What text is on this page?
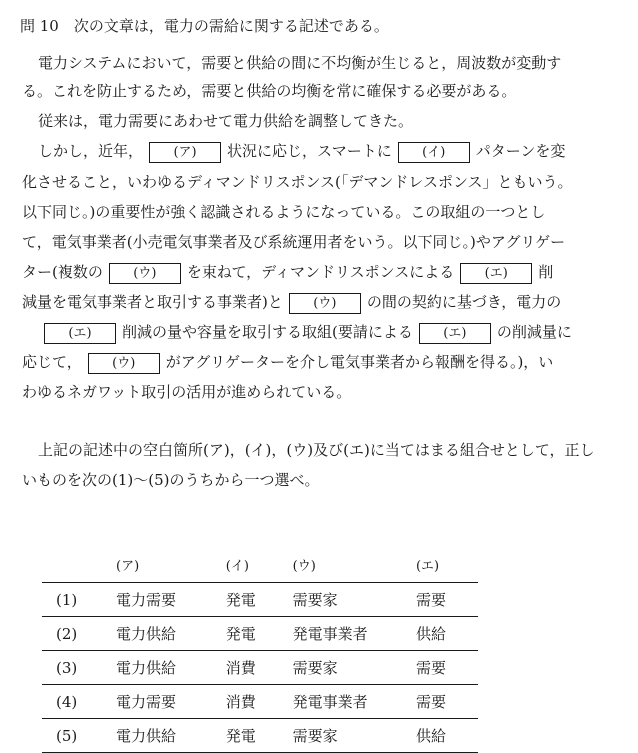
問 10　次の文章は，電力の需給に関する記述である。
電力システムにおいて，需要と供給の間に不均衡が生じると，周波数が変動す
る。これを防止するため，需要と供給の均衡を常に確保する必要がある。
従来は，電力需要にあわせて電力供給を調整してきた。
しかし，近年， (ア) 状況に応じ，スマートに (イ) パターンを変
化させること，いわゆるディマンドリスポンス(「デマンドレスポンス」ともいう。
以下同じ。)の重要性が強く認識されるようになっている。この取組の一つとし
て，電気事業者(小売電気事業者及び系統運用者をいう。以下同じ。)やアグリゲー
ター(複数の (ウ) を束ねて，ディマンドリスポンスによる (エ) 削
減量を電気事業者と取引する事業者)と (ウ) の間の契約に基づき，電力の
(エ) 削減の量や容量を取引する取組(要請による (エ) の削減量に
応じて， (ウ) がアグリゲーターを介し電気事業者から報酬を得る。)，い
わゆるネガワット取引の活用が進められている。
上記の記述中の空白箇所(ア)，(イ)，(ウ)及び(エ)に当てはまる組合せとして，正し
いものを次の(1)～(5)のうちから一つ選べ。
	(ア)	(イ)	(ウ)	(エ)
(1)	電力需要	発電	需要家	需要
(2)	電力供給	発電	発電事業者	供給
(3)	電力供給	消費	需要家	需要
(4)	電力需要	消費	発電事業者	需要
(5)	電力供給	発電	需要家	供給
